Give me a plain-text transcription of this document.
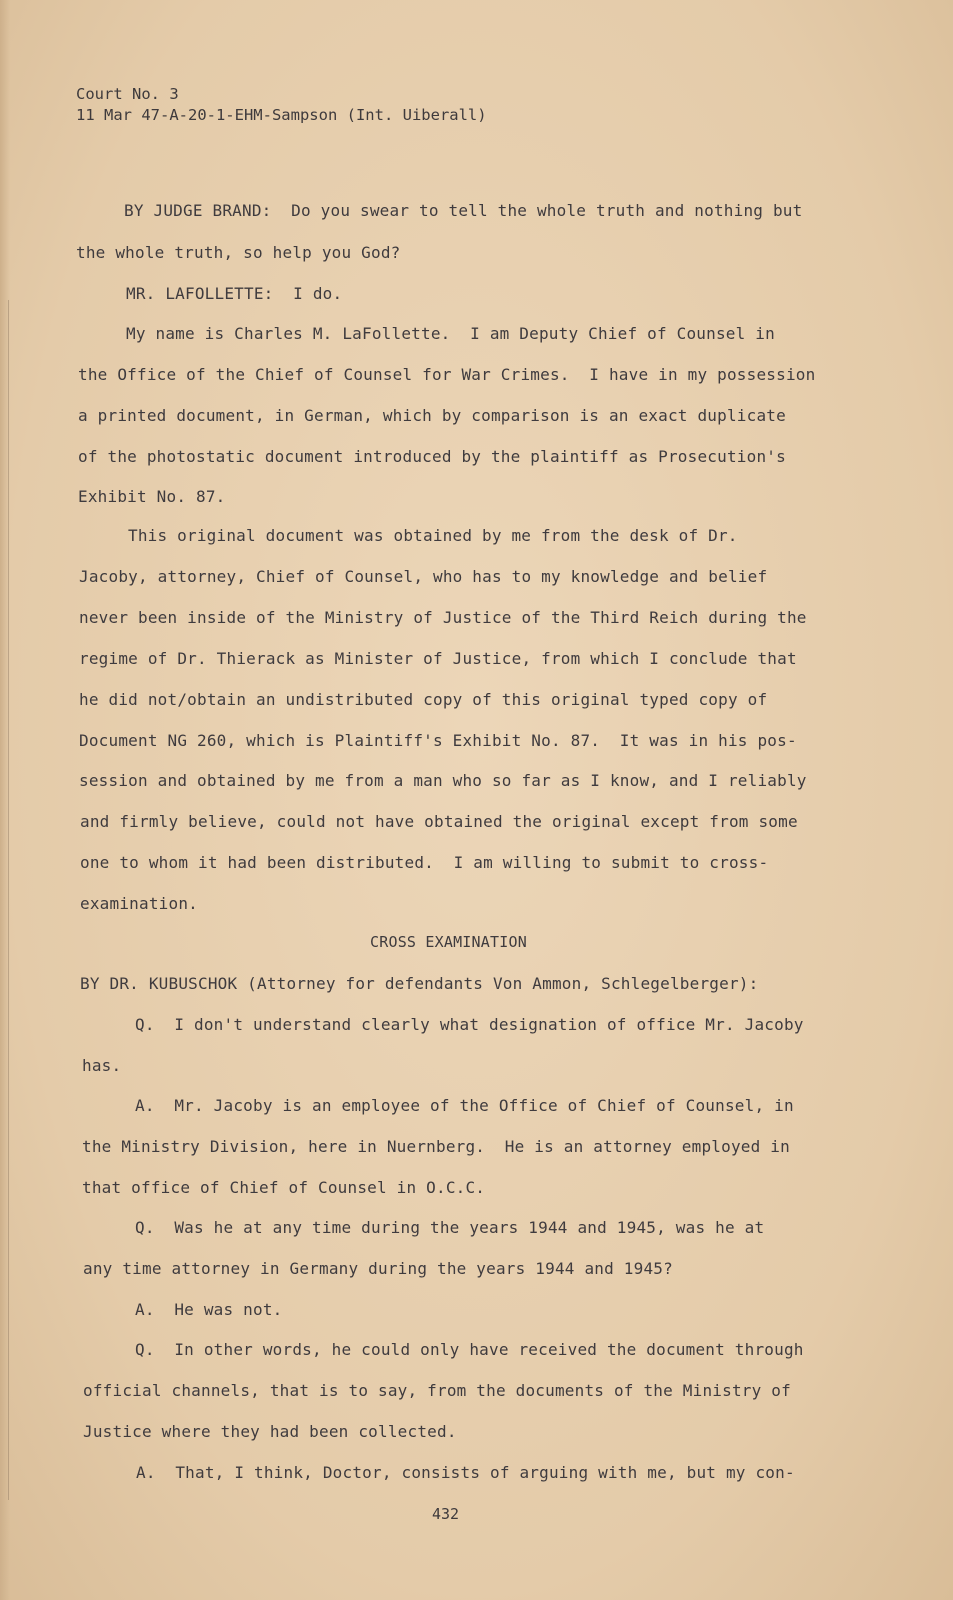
Court No. 3
11 Mar 47-A-20-1-EHM-Sampson (Int. Uiberall)
BY JUDGE BRAND:  Do you swear to tell the whole truth and nothing but
the whole truth, so help you God?
MR. LAFOLLETTE:  I do.
My name is Charles M. LaFollette.  I am Deputy Chief of Counsel in
the Office of the Chief of Counsel for War Crimes.  I have in my possession
a printed document, in German, which by comparison is an exact duplicate
of the photostatic document introduced by the plaintiff as Prosecution's
Exhibit No. 87.
This original document was obtained by me from the desk of Dr.
Jacoby, attorney, Chief of Counsel, who has to my knowledge and belief
never been inside of the Ministry of Justice of the Third Reich during the
regime of Dr. Thierack as Minister of Justice, from which I conclude that
he did not/obtain an undistributed copy of this original typed copy of
Document NG 260, which is Plaintiff's Exhibit No. 87.  It was in his pos-
session and obtained by me from a man who so far as I know, and I reliably
and firmly believe, could not have obtained the original except from some
one to whom it had been distributed.  I am willing to submit to cross-
examination.
CROSS EXAMINATION
BY DR. KUBUSCHOK (Attorney for defendants Von Ammon, Schlegelberger):
Q.  I don't understand clearly what designation of office Mr. Jacoby
has.
A.  Mr. Jacoby is an employee of the Office of Chief of Counsel, in
the Ministry Division, here in Nuernberg.  He is an attorney employed in
that office of Chief of Counsel in O.C.C.
Q.  Was he at any time during the years 1944 and 1945, was he at
any time attorney in Germany during the years 1944 and 1945?
A.  He was not.
Q.  In other words, he could only have received the document through
official channels, that is to say, from the documents of the Ministry of
Justice where they had been collected.
A.  That, I think, Doctor, consists of arguing with me, but my con-
432
